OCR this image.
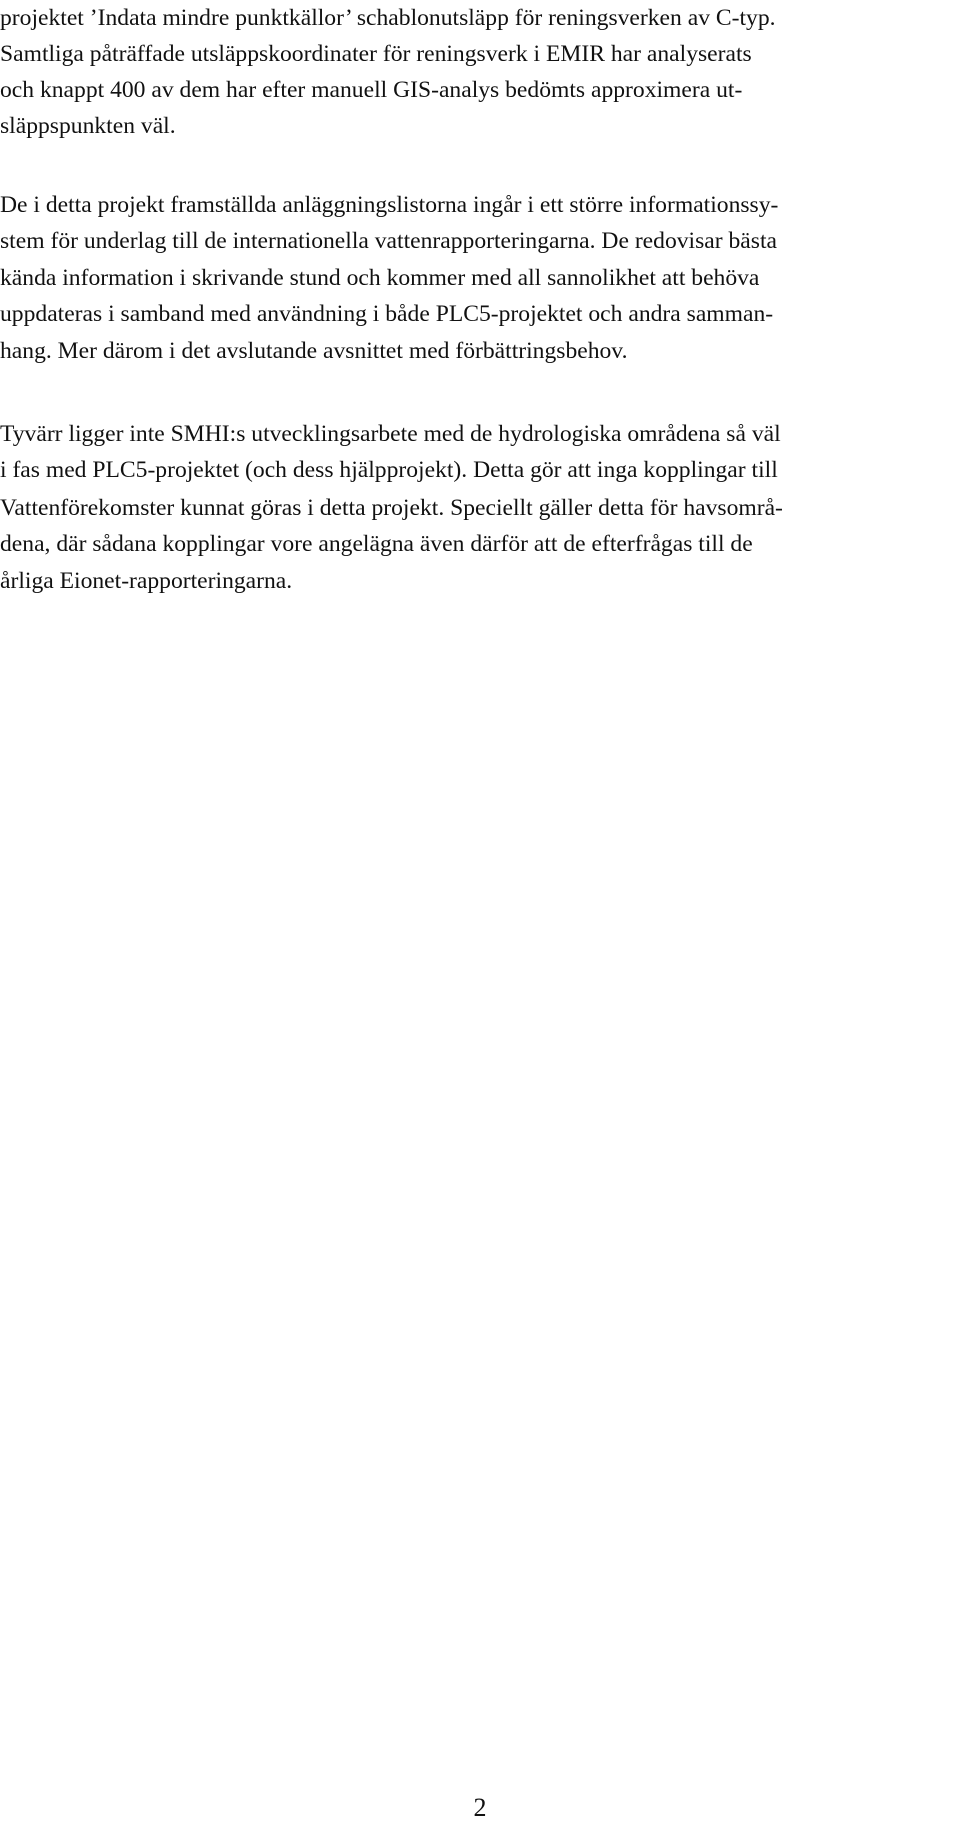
projektet ’Indata mindre punktkällor’ schablonutsläpp för reningsverken av C-typ.

Samtliga påträffade utsläppskoordinater för reningsverk i EMIR har analyserats

och knappt 400 av dem har efter manuell GIS-analys bedömts approximera ut-

släppspunkten väl.

De i detta projekt framställda anläggningslistorna ingår i ett större informationssy-

stem för underlag till de internationella vattenrapporteringarna. De redovisar bästa

kända information i skrivande stund och kommer med all sannolikhet att behöva

uppdateras i samband med användning i både PLC5-projektet och andra samman-

hang. Mer därom i det avslutande avsnittet med förbättringsbehov.

Tyvärr ligger inte SMHI:s utvecklingsarbete med de hydrologiska områdena så väl

i fas med PLC5-projektet (och dess hjälpprojekt). Detta gör att inga kopplingar till

Vattenförekomster kunnat göras i detta projekt. Speciellt gäller detta för havsområ-

dena, där sådana kopplingar vore angelägna även därför att de efterfrågas till de

årliga Eionet-rapporteringarna.

2
